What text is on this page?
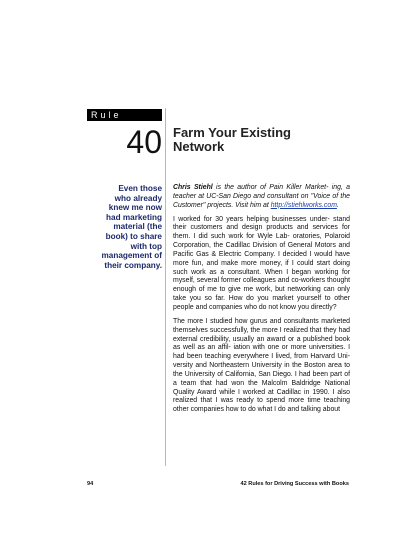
Rule
40 Farm Your Existing
Network
Even those
who already
knew me now
had marketing
material (the
book) to share
with top
management of
their company.

Chris Stiehl is the author of Pain Killer Market- ing, a teacher at UC-San Diego and consultant on "Voice of the Customer" projects. Visit him at http://stiehlworks.com.

I worked for 30 years helping businesses under- stand their customers and design products and services for them. I did such work for Wyle Lab- oratories, Polaroid Corporation, the Cadillac Division of General Motors and Pacific Gas & Electric Company. I decided I would have more fun, and make more money, if I could start doing such work as a consultant. When I began working for myself, several former colleagues and co-workers thought enough of me to give me work, but networking can only take you so far. How do you market yourself to other people and companies who do not know you directly?

The more I studied how gurus and consultants marketed themselves successfully, the more I realized that they had external credibility, usually an award or a published book as well as an affil- iation with one or more universities. I had been teaching everywhere I lived, from Harvard Uni- versity and Northeastern University in the Boston area to the University of California, San Diego. I had been part of a team that had won the Malcolm Baldridge National Quality Award while I worked at Cadillac in 1990. I also realized that I was ready to spend more time teaching other companies how to do what I do and talking about

94	42 Rules for Driving Success with Books
